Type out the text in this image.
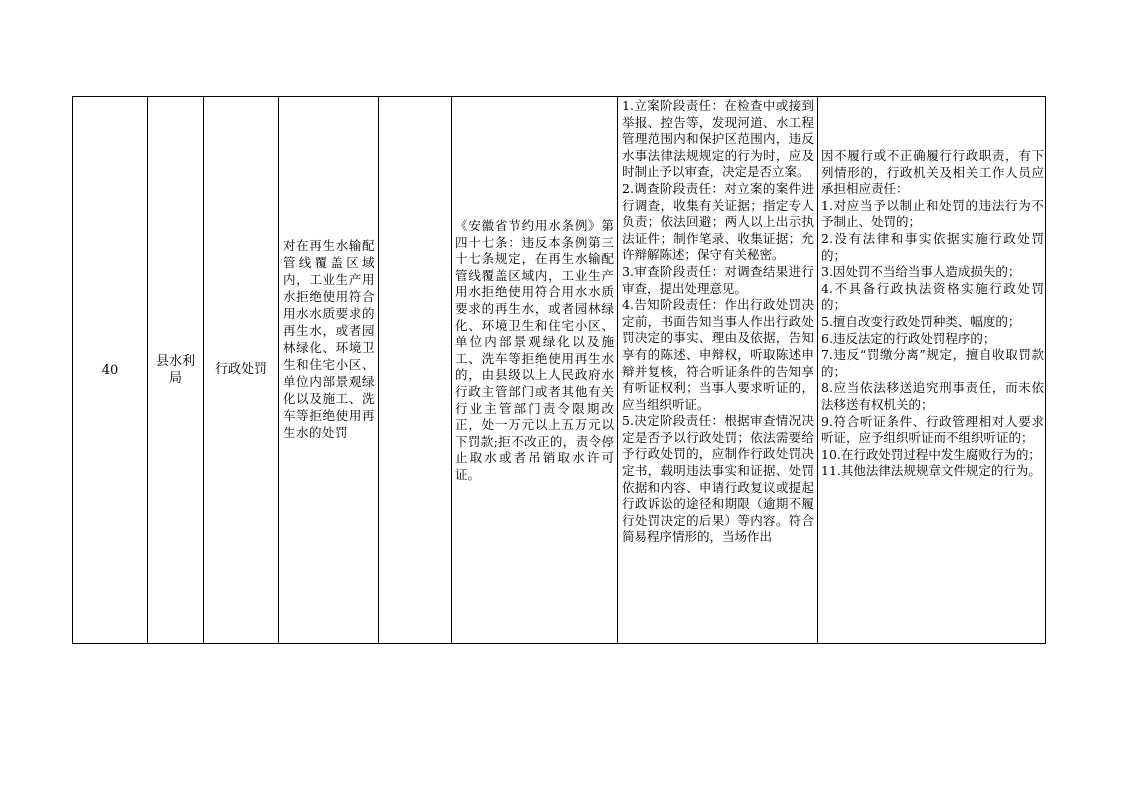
40
县水利局
行政处罚
对在再生水输配管线覆盖区域内，工业生产用水拒绝使用符合用水水质要求的再生水，或者园林绿化、环境卫生和住宅小区、单位内部景观绿化以及施工、洗车等拒绝使用再生水的处罚
《安徽省节约用水条例》第四十七条：违反本条例第三十七条规定，在再生水输配管线覆盖区域内，工业生产用水拒绝使用符合用水水质要求的再生水，或者园林绿化、环境卫生和住宅小区、单位内部景观绿化以及施工、洗车等拒绝使用再生水的，由县级以上人民政府水行政主管部门或者其他有关行业主管部门责令限期改正，处一万元以上五万元以下罚款;拒不改正的，责令停止取水或者吊销取水许可证。
1.立案阶段责任：在检查中或接到举报、控告等，发现河道、水工程管理范围内和保护区范围内，违反水事法律法规规定的行为时，应及时制止予以审查，决定是否立案。
2.调查阶段责任：对立案的案件进行调查，收集有关证据；指定专人负责；依法回避；两人以上出示执法证件；制作笔录、收集证据；允许辩解陈述；保守有关秘密。
3.审查阶段责任：对调查结果进行审查，提出处理意见。
4.告知阶段责任：作出行政处罚决定前，书面告知当事人作出行政处罚决定的事实、理由及依据，告知享有的陈述、申辩权，听取陈述申辩并复核，符合听证条件的告知享有听证权利；当事人要求听证的，应当组织听证。
5.决定阶段责任：根据审查情况决定是否予以行政处罚；依法需要给予行政处罚的，应制作行政处罚决定书，载明违法事实和证据、处罚依据和内容、申请行政复议或提起行政诉讼的途径和期限（逾期不履行处罚决定的后果）等内容。符合简易程序情形的，当场作出
因不履行或不正确履行行政职责，有下列情形的，行政机关及相关工作人员应承担相应责任：
1.对应当予以制止和处罚的违法行为不予制止、处罚的；
2.没有法律和事实依据实施行政处罚的；
3.因处罚不当给当事人造成损失的；
4.不具备行政执法资格实施行政处罚的；
5.擅自改变行政处罚种类、幅度的；
6.违反法定的行政处罚程序的；
7.违反“罚缴分离”规定，擅自收取罚款的；
8.应当依法移送追究刑事责任，而未依法移送有权机关的；
9.符合听证条件、行政管理相对人要求听证，应予组织听证而不组织听证的；
10.在行政处罚过程中发生腐败行为的；
11.其他法律法规规章文件规定的行为。
